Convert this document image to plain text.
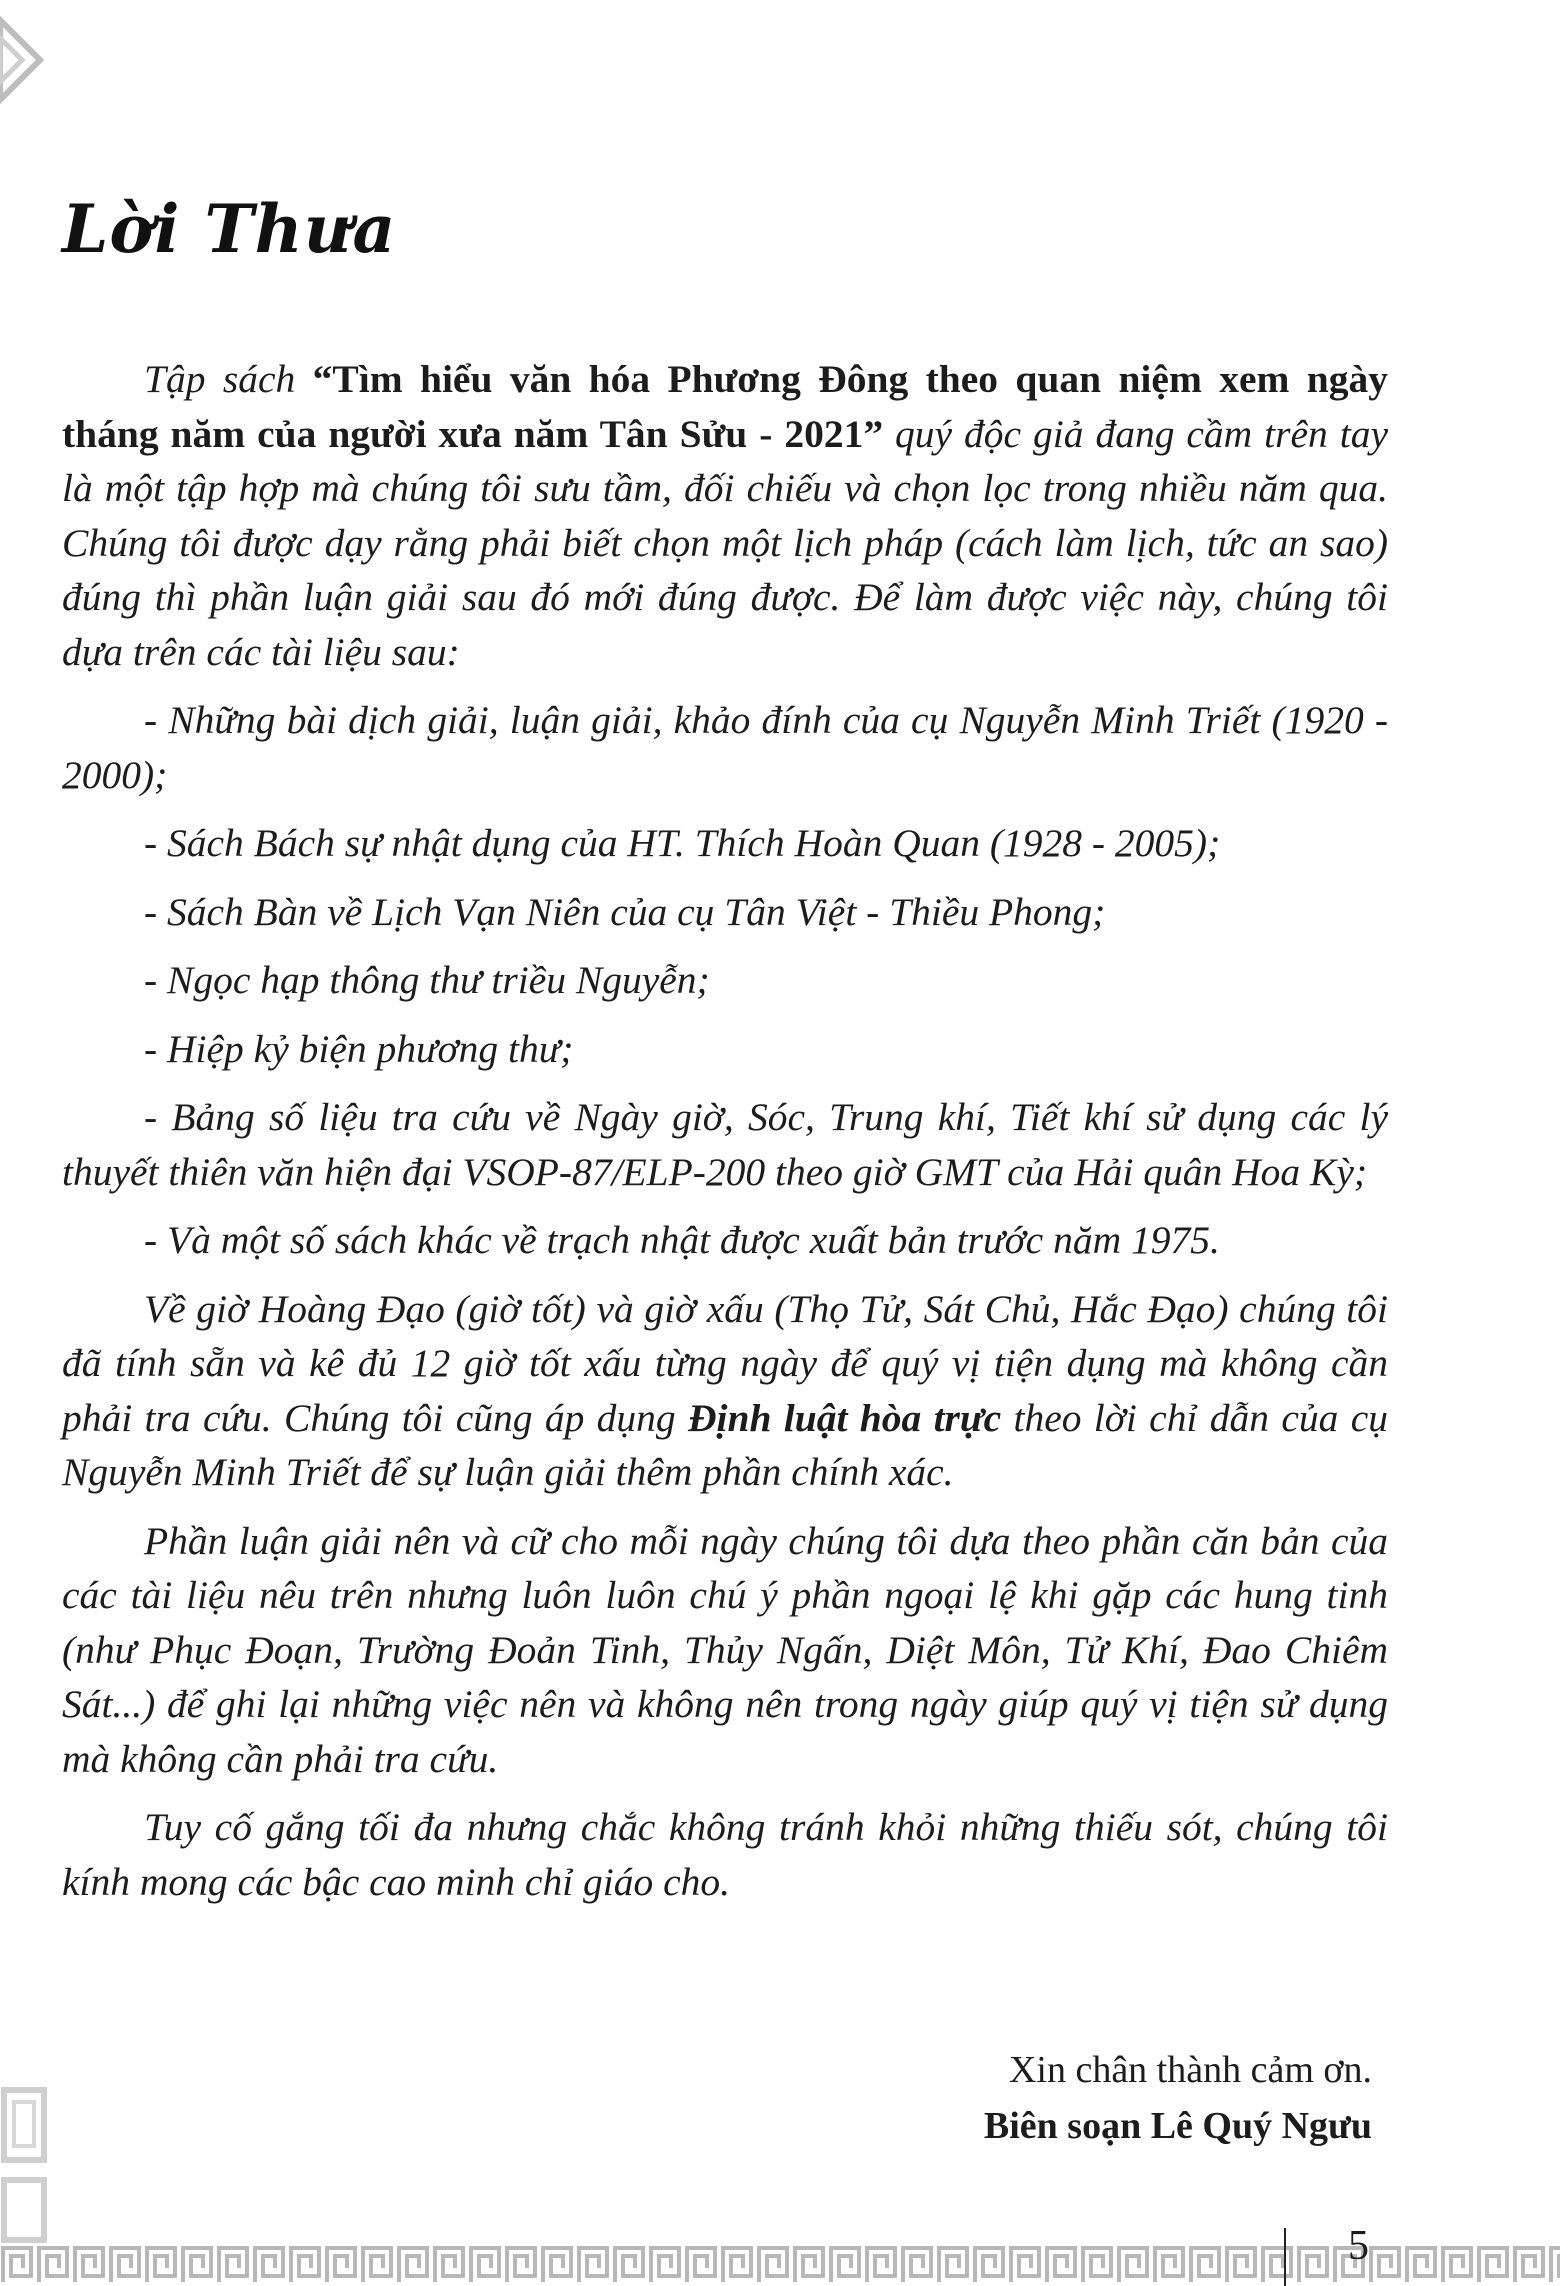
Lời Thưa

Tập sách “Tìm hiểu văn hóa Phương Đông theo quan niệm xem ngày tháng năm của người xưa năm Tân Sửu - 2021” quý độc giả đang cầm trên tay là một tập hợp mà chúng tôi sưu tầm, đối chiếu và chọn lọc trong nhiều năm qua. Chúng tôi được dạy rằng phải biết chọn một lịch pháp (cách làm lịch, tức an sao) đúng thì phần luận giải sau đó mới đúng được. Để làm được việc này, chúng tôi dựa trên các tài liệu sau:

- Những bài dịch giải, luận giải, khảo đính của cụ Nguyễn Minh Triết (1920 - 2000);

- Sách Bách sự nhật dụng của HT. Thích Hoàn Quan (1928 - 2005);

- Sách Bàn về Lịch Vạn Niên của cụ Tân Việt - Thiều Phong;

- Ngọc hạp thông thư triều Nguyễn;

- Hiệp kỷ biện phương thư;

- Bảng số liệu tra cứu về Ngày giờ, Sóc, Trung khí, Tiết khí sử dụng các lý thuyết thiên văn hiện đại VSOP-87/ELP-200 theo giờ GMT của Hải quân Hoa Kỳ;

- Và một số sách khác về trạch nhật được xuất bản trước năm 1975.

Về giờ Hoàng Đạo (giờ tốt) và giờ xấu (Thọ Tử, Sát Chủ, Hắc Đạo) chúng tôi đã tính sẵn và kê đủ 12 giờ tốt xấu từng ngày để quý vị tiện dụng mà không cần phải tra cứu. Chúng tôi cũng áp dụng Định luật hòa trực theo lời chỉ dẫn của cụ Nguyễn Minh Triết để sự luận giải thêm phần chính xác.

Phần luận giải nên và cữ cho mỗi ngày chúng tôi dựa theo phần căn bản của các tài liệu nêu trên nhưng luôn luôn chú ý phần ngoại lệ khi gặp các hung tinh (như Phục Đoạn, Trường Đoản Tinh, Thủy Ngấn, Diệt Môn, Tử Khí, Đao Chiêm Sát...) để ghi lại những việc nên và không nên trong ngày giúp quý vị tiện sử dụng mà không cần phải tra cứu.

Tuy cố gắng tối đa nhưng chắc không tránh khỏi những thiếu sót, chúng tôi kính mong các bậc cao minh chỉ giáo cho.

Xin chân thành cảm ơn.
Biên soạn Lê Quý Ngưu
5
